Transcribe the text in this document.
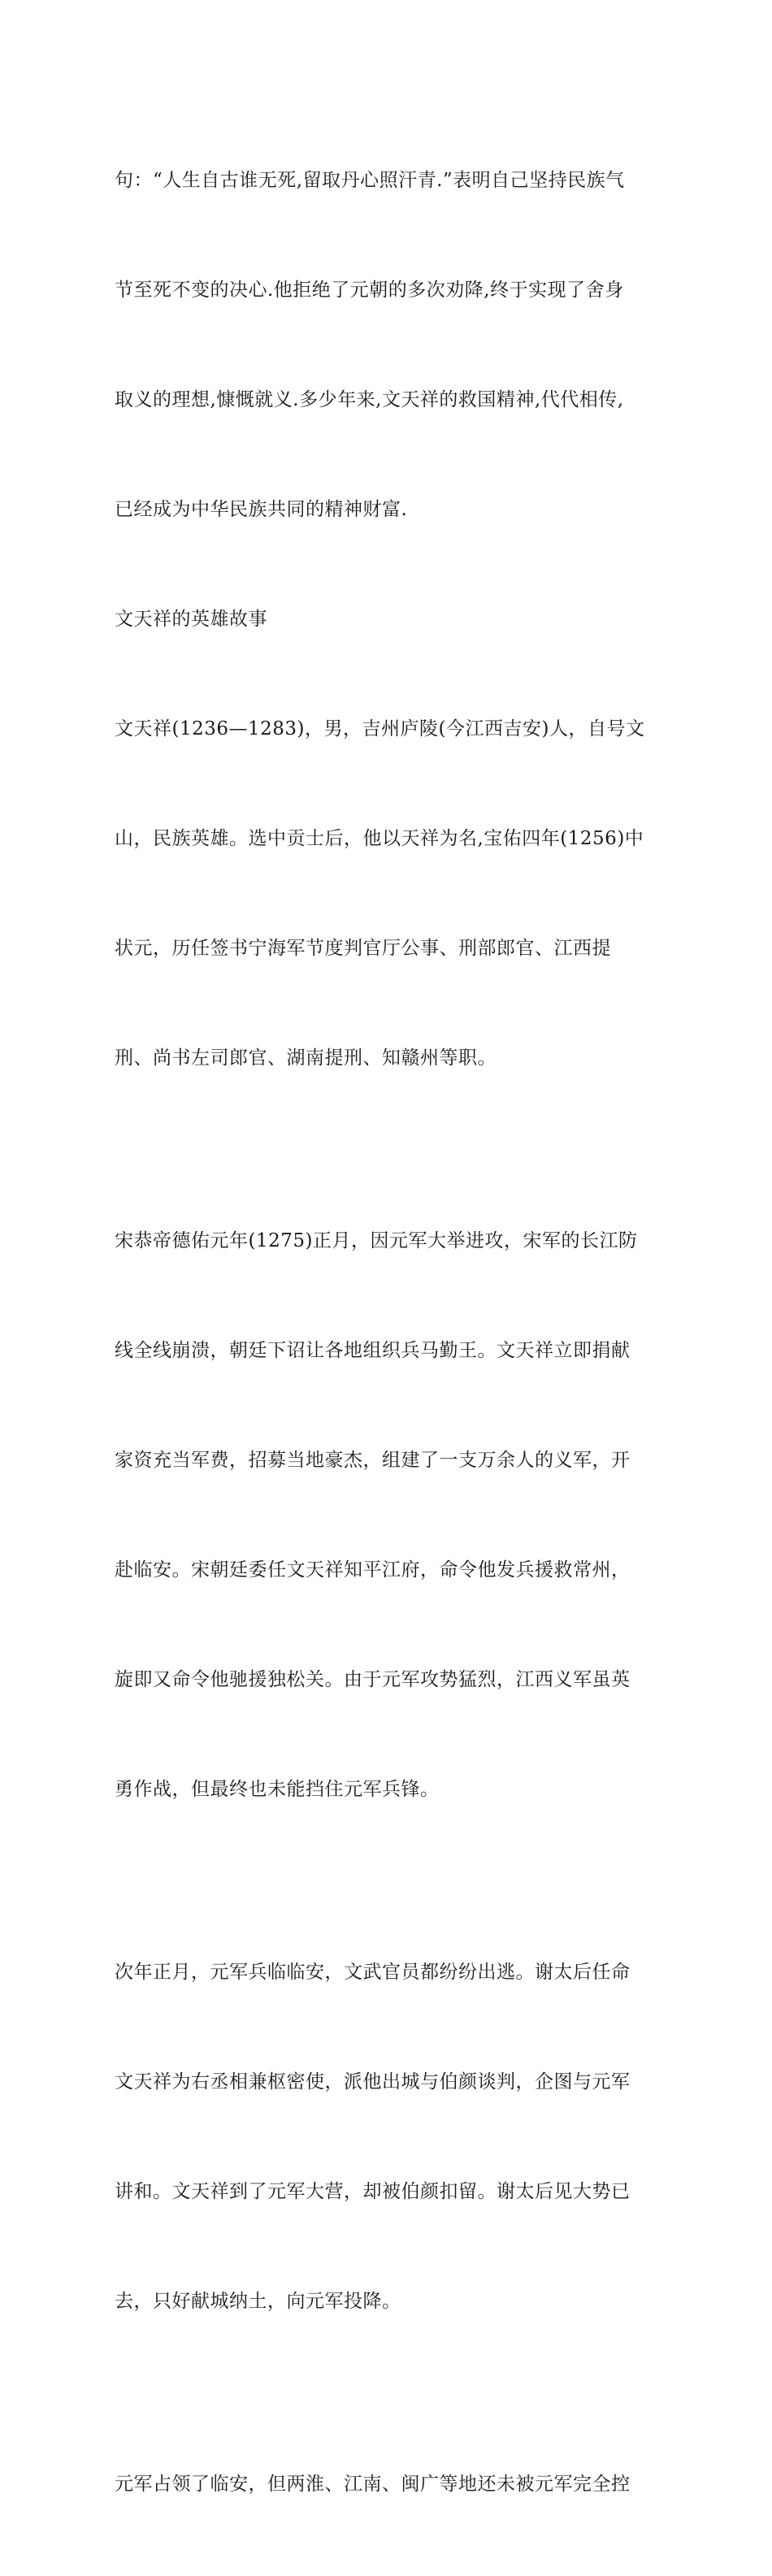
句：“人生自古谁无死,留取丹心照汗青.”表明自己坚持民族气

节至死不变的决心.他拒绝了元朝的多次劝降,终于实现了舍身

取义的理想,慷慨就义.多少年来,文天祥的救国精神,代代相传,

已经成为中华民族共同的精神财富.

文天祥的英雄故事

文天祥(1236—1283)，男，吉州庐陵(今江西吉安)人，自号文

山，民族英雄。选中贡士后，他以天祥为名,宝佑四年(1256)中

状元，历任签书宁海军节度判官厅公事、刑部郎官、江西提

刑、尚书左司郎官、湖南提刑、知赣州等职。

宋恭帝德佑元年(1275)正月，因元军大举进攻，宋军的长江防

线全线崩溃，朝廷下诏让各地组织兵马勤王。文天祥立即捐献

家资充当军费，招募当地豪杰，组建了一支万余人的义军，开

赴临安。宋朝廷委任文天祥知平江府，命令他发兵援救常州，

旋即又命令他驰援独松关。由于元军攻势猛烈，江西义军虽英

勇作战，但最终也未能挡住元军兵锋。

次年正月，元军兵临临安，文武官员都纷纷出逃。谢太后任命

文天祥为右丞相兼枢密使，派他出城与伯颜谈判，企图与元军

讲和。文天祥到了元军大营，却被伯颜扣留。谢太后见大势已

去，只好献城纳土，向元军投降。

元军占领了临安，但两淮、江南、闽广等地还未被元军完全控
